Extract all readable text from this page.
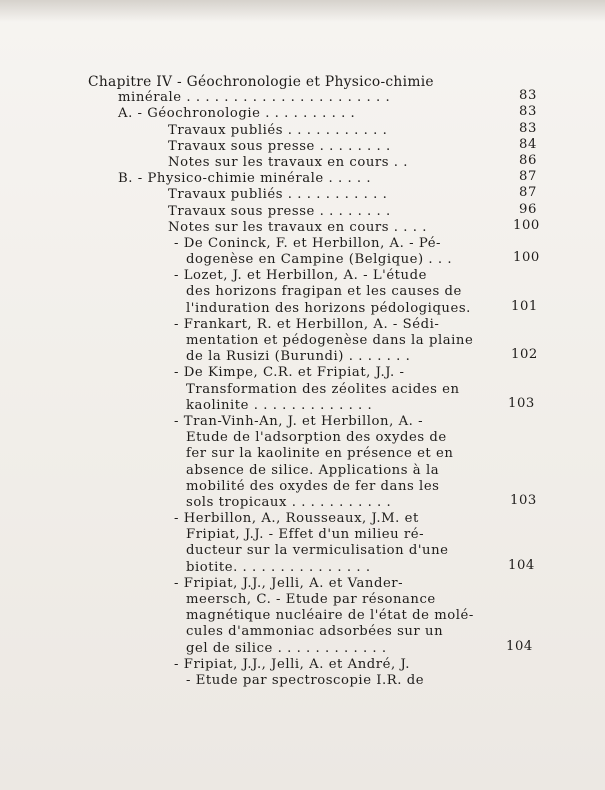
Chapitre IV - Géochronologie et Physico-chimie
minérale . . . . . . . . . . . . . . . . . . . . . .	83
A. - Géochronologie . . . . . . . . . .	83
Travaux publiés . . . . . . . . . . .	83
Travaux sous presse . . . . . . . .	84
Notes sur les travaux en cours . .	86
B. - Physico-chimie minérale . . . . .	87
Travaux publiés . . . . . . . . . . .	87
Travaux sous presse . . . . . . . .	96
Notes sur les travaux en cours . . . .	100
- De Coninck, F. et Herbillon, A. - Pé-
dogenèse en Campine (Belgique) . . .	100
- Lozet, J. et Herbillon, A. - L'étude
des horizons fragipan et les causes de
l'induration des horizons pédologiques.	101
- Frankart, R. et Herbillon, A. - Sédi-
mentation et pédogenèse dans la plaine
de la Rusizi (Burundi) . . . . . . .	102
- De Kimpe, C.R. et Fripiat, J.J. -
Transformation des zéolites acides en
kaolinite . . . . . . . . . . . . .	103
- Tran-Vinh-An, J. et Herbillon, A. -
Etude de l'adsorption des oxydes de
fer sur la kaolinite en présence et en
absence de silice. Applications à la
mobilité des oxydes de fer dans les
sols tropicaux . . . . . . . . . . .	103
- Herbillon, A., Rousseaux, J.M. et
Fripiat, J.J. - Effet d'un milieu ré-
ducteur sur la vermiculisation d'une
biotite. . . . . . . . . . . . . . .	104
- Fripiat, J.J., Jelli, A. et Vander-
meersch, C. - Etude par résonance
magnétique nucléaire de l'état de molé-
cules d'ammoniac adsorbées sur un
gel de silice . . . . . . . . . . . .	104
- Fripiat, J.J., Jelli, A. et André, J.
- Etude par spectroscopie I.R. de
